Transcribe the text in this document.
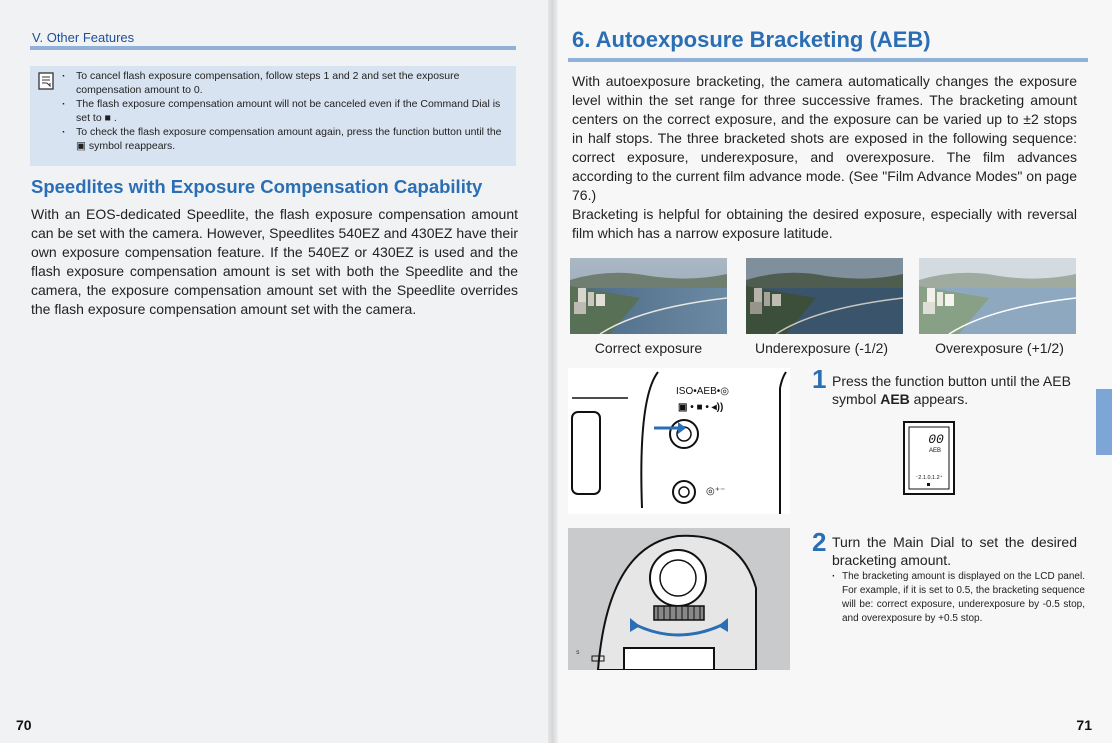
V. Other Features
· To cancel flash exposure compensation, follow steps 1 and 2 and set the exposure compensation amount to 0.
· The flash exposure compensation amount will not be canceled even if the Command Dial is set to ■ .
· To check the flash exposure compensation amount again, press the function button until the ▣ symbol reappears.
Speedlites with Exposure Compensation Capability
With an EOS-dedicated Speedlite, the flash exposure compensation amount can be set with the camera. However, Speedlites 540EZ and 430EZ have their own exposure compensation feature. If the 540EZ or 430EZ is used and the flash exposure compensation amount is set with both the Speedlite and the camera, the exposure compensation amount set with the Speedlite overrides the flash exposure compensation amount set with the camera.
70
6. Autoexposure Bracketing (AEB)
With autoexposure bracketing, the camera automatically changes the exposure level within the set range for three successive frames. The bracketing amount centers on the correct exposure, and the exposure can be varied up to ±2 stops in half stops. The three bracketed shots are exposed in the following sequence: correct exposure, underexposure, and overexposure. The film advances according to the current film advance mode. (See "Film Advance Modes" on page 76.)
Bracketing is helpful for obtaining the desired exposure, especially with reversal film which has a narrow exposure latitude.
Correct exposure	Underexposure (-1/2)	Overexposure (+1/2)
◎⁺⁻
ISO•AEB•◎
▣ • ■ • ◂))
⁵
1 Press the function button until the AEB symbol AEB appears.
00
AEB
⁻2.1.0.1.2⁺
2 Turn the Main Dial to set the desired bracketing amount.
· The bracketing amount is displayed on the LCD panel. For example, if it is set to 0.5, the bracketing sequence will be: correct exposure, underexposure by -0.5 stop, and overexposure by +0.5 stop.
71
